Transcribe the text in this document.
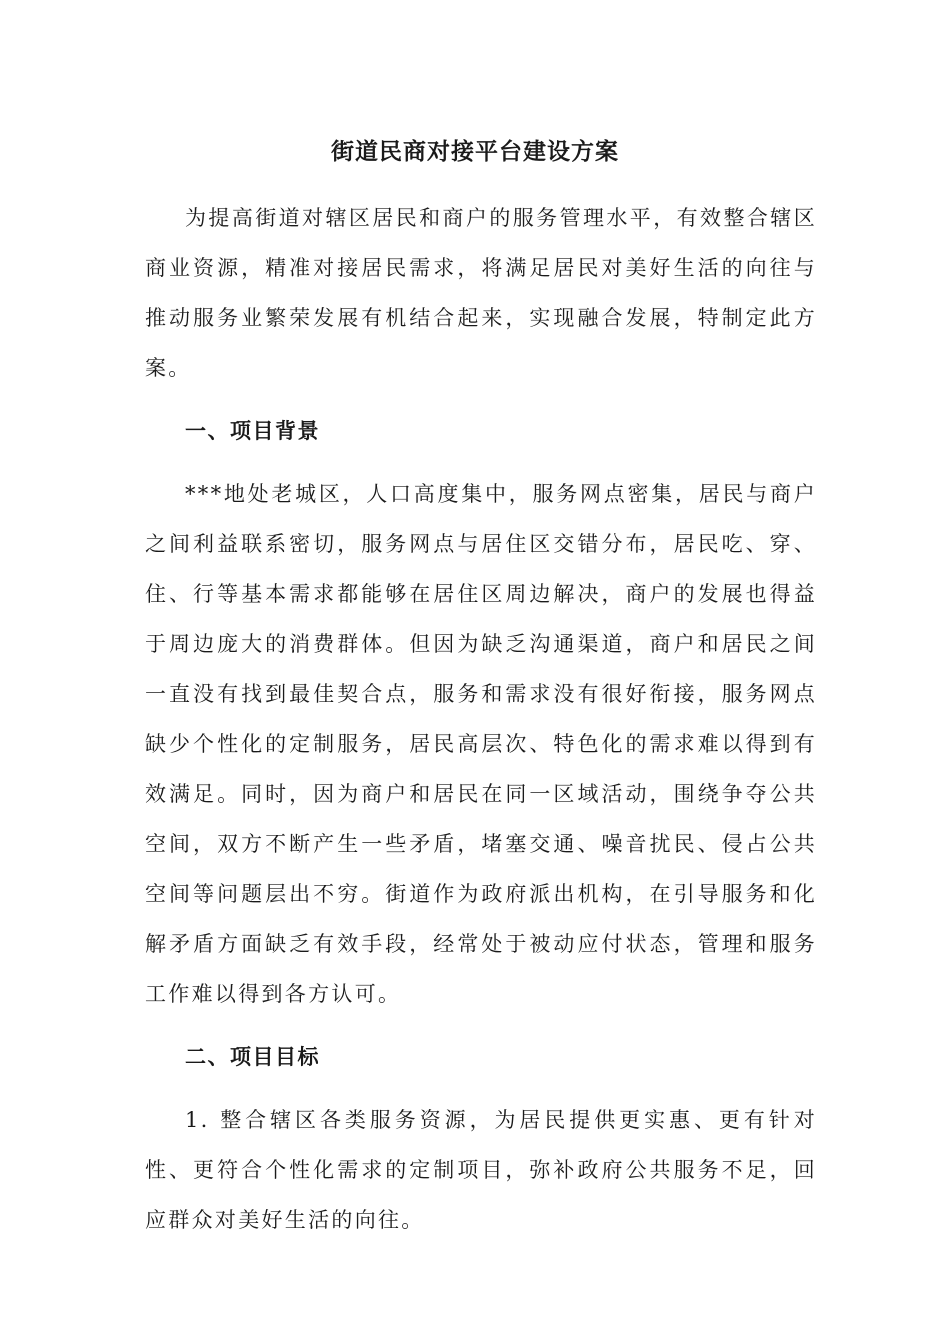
街道民商对接平台建设方案

为提高街道对辖区居民和商户的服务管理水平，有效整合辖区商业资源，精准对接居民需求，将满足居民对美好生活的向往与推动服务业繁荣发展有机结合起来，实现融合发展，特制定此方案。

一、项目背景

***地处老城区，人口高度集中，服务网点密集，居民与商户之间利益联系密切，服务网点与居住区交错分布，居民吃、穿、住、行等基本需求都能够在居住区周边解决，商户的发展也得益于周边庞大的消费群体。但因为缺乏沟通渠道，商户和居民之间一直没有找到最佳契合点，服务和需求没有很好衔接，服务网点缺少个性化的定制服务，居民高层次、特色化的需求难以得到有效满足。同时，因为商户和居民在同一区域活动，围绕争夺公共空间，双方不断产生一些矛盾，堵塞交通、噪音扰民、侵占公共空间等问题层出不穷。街道作为政府派出机构，在引导服务和化解矛盾方面缺乏有效手段，经常处于被动应付状态，管理和服务工作难以得到各方认可。

二、项目目标

1. 整合辖区各类服务资源，为居民提供更实惠、更有针对性、更符合个性化需求的定制项目，弥补政府公共服务不足，回应群众对美好生活的向往。
